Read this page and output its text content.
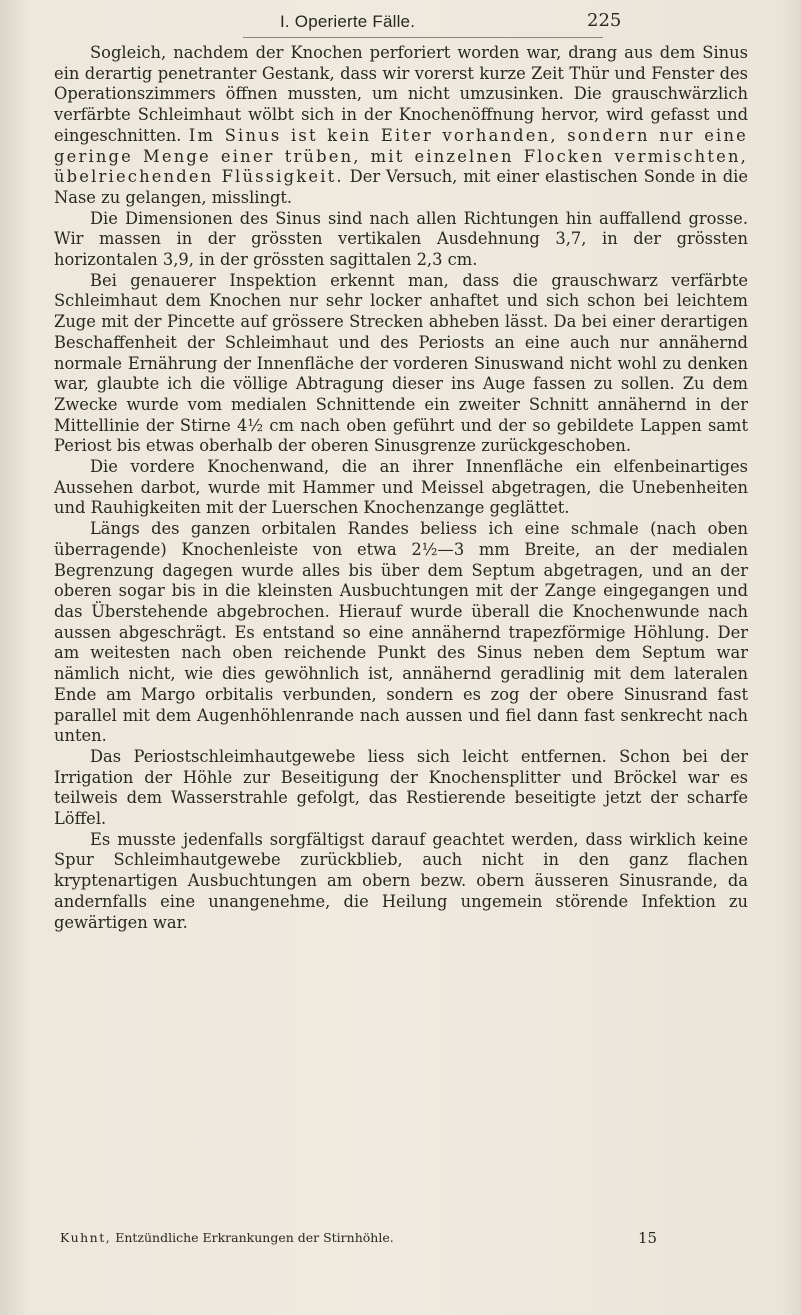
I. Operierte Fälle.	225

Sogleich, nachdem der Knochen perforiert worden war, drang aus dem Sinus ein derartig penetranter Gestank, dass wir vorerst kurze Zeit Thür und Fenster des Operationszimmers öffnen mussten, um nicht umzusinken. Die grauschwärzlich verfärbte Schleimhaut wölbt sich in der Knochenöffnung hervor, wird gefasst und eingeschnitten. Im Sinus ist kein Eiter vorhanden, sondern nur eine geringe Menge einer trüben, mit einzelnen Flocken vermischten, übelriechenden Flüssigkeit. Der Versuch, mit einer elastischen Sonde in die Nase zu gelangen, misslingt.

Die Dimensionen des Sinus sind nach allen Richtungen hin auffallend grosse. Wir massen in der grössten vertikalen Ausdehnung 3,7, in der grössten horizontalen 3,9, in der grössten sagittalen 2,3 cm.

Bei genauerer Inspektion erkennt man, dass die grauschwarz verfärbte Schleimhaut dem Knochen nur sehr locker anhaftet und sich schon bei leichtem Zuge mit der Pincette auf grössere Strecken abheben lässt. Da bei einer derartigen Beschaffenheit der Schleimhaut und des Periosts an eine auch nur annähernd normale Ernährung der Innenfläche der vorderen Sinuswand nicht wohl zu denken war, glaubte ich die völlige Abtragung dieser ins Auge fassen zu sollen. Zu dem Zwecke wurde vom medialen Schnittende ein zweiter Schnitt annähernd in der Mittellinie der Stirne 4½ cm nach oben geführt und der so gebildete Lappen samt Periost bis etwas oberhalb der oberen Sinusgrenze zurückgeschoben.

Die vordere Knochenwand, die an ihrer Innenfläche ein elfenbeinartiges Aussehen darbot, wurde mit Hammer und Meissel abgetragen, die Unebenheiten und Rauhigkeiten mit der Luerschen Knochenzange geglättet.

Längs des ganzen orbitalen Randes beliess ich eine schmale (nach oben überragende) Knochenleiste von etwa 2½—3 mm Breite, an der medialen Begrenzung dagegen wurde alles bis über dem Septum abgetragen, und an der oberen sogar bis in die kleinsten Ausbuchtungen mit der Zange eingegangen und das Überstehende abgebrochen. Hierauf wurde überall die Knochenwunde nach aussen abgeschrägt. Es entstand so eine annähernd trapezförmige Höhlung. Der am weitesten nach oben reichende Punkt des Sinus neben dem Septum war nämlich nicht, wie dies gewöhnlich ist, annähernd geradlinig mit dem lateralen Ende am Margo orbitalis verbunden, sondern es zog der obere Sinusrand fast parallel mit dem Augenhöhlenrande nach aussen und fiel dann fast senkrecht nach unten.

Das Periostschleimhautgewebe liess sich leicht entfernen. Schon bei der Irrigation der Höhle zur Beseitigung der Knochensplitter und Bröckel war es teilweis dem Wasserstrahle gefolgt, das Restierende beseitigte jetzt der scharfe Löffel.

Es musste jedenfalls sorgfältigst darauf geachtet werden, dass wirklich keine Spur Schleimhautgewebe zurückblieb, auch nicht in den ganz flachen kryptenartigen Ausbuchtungen am obern bezw. obern äusseren Sinusrande, da andernfalls eine unangenehme, die Heilung ungemein störende Infektion zu gewärtigen war.

Kuhnt, Entzündliche Erkrankungen der Stirnhöhle.	15
